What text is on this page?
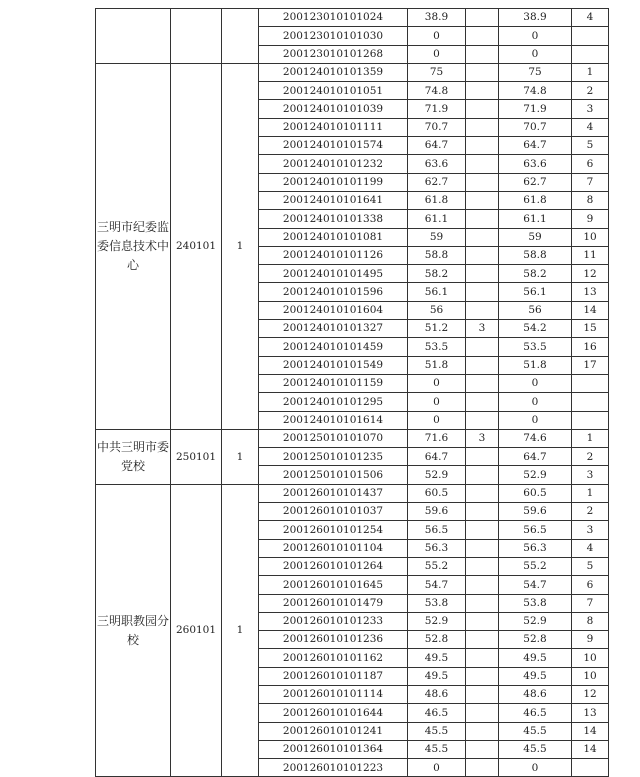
			200123010101024	38.9		38.9	4
			200123010101030	0		0	
			200123010101268	0		0	
三明市纪委监委信息技术中心	240101	1	200124010101359	75		75	1
			200124010101051	74.8		74.8	2
			200124010101039	71.9		71.9	3
			200124010101111	70.7		70.7	4
			200124010101574	64.7		64.7	5
			200124010101232	63.6		63.6	6
			200124010101199	62.7		62.7	7
			200124010101641	61.8		61.8	8
			200124010101338	61.1		61.1	9
			200124010101081	59		59	10
			200124010101126	58.8		58.8	11
			200124010101495	58.2		58.2	12
			200124010101596	56.1		56.1	13
			200124010101604	56		56	14
			200124010101327	51.2	3	54.2	15
			200124010101459	53.5		53.5	16
			200124010101549	51.8		51.8	17
			200124010101159	0		0	
			200124010101295	0		0	
			200124010101614	0		0	
中共三明市委党校	250101	1	200125010101070	71.6	3	74.6	1
			200125010101235	64.7		64.7	2
			200125010101506	52.9		52.9	3
三明职教园分校	260101	1	200126010101437	60.5		60.5	1
			200126010101037	59.6		59.6	2
			200126010101254	56.5		56.5	3
			200126010101104	56.3		56.3	4
			200126010101264	55.2		55.2	5
			200126010101645	54.7		54.7	6
			200126010101479	53.8		53.8	7
			200126010101233	52.9		52.9	8
			200126010101236	52.8		52.8	9
			200126010101162	49.5		49.5	10
			200126010101187	49.5		49.5	10
			200126010101114	48.6		48.6	12
			200126010101644	46.5		46.5	13
			200126010101241	45.5		45.5	14
			200126010101364	45.5		45.5	14
			200126010101223	0		0	
